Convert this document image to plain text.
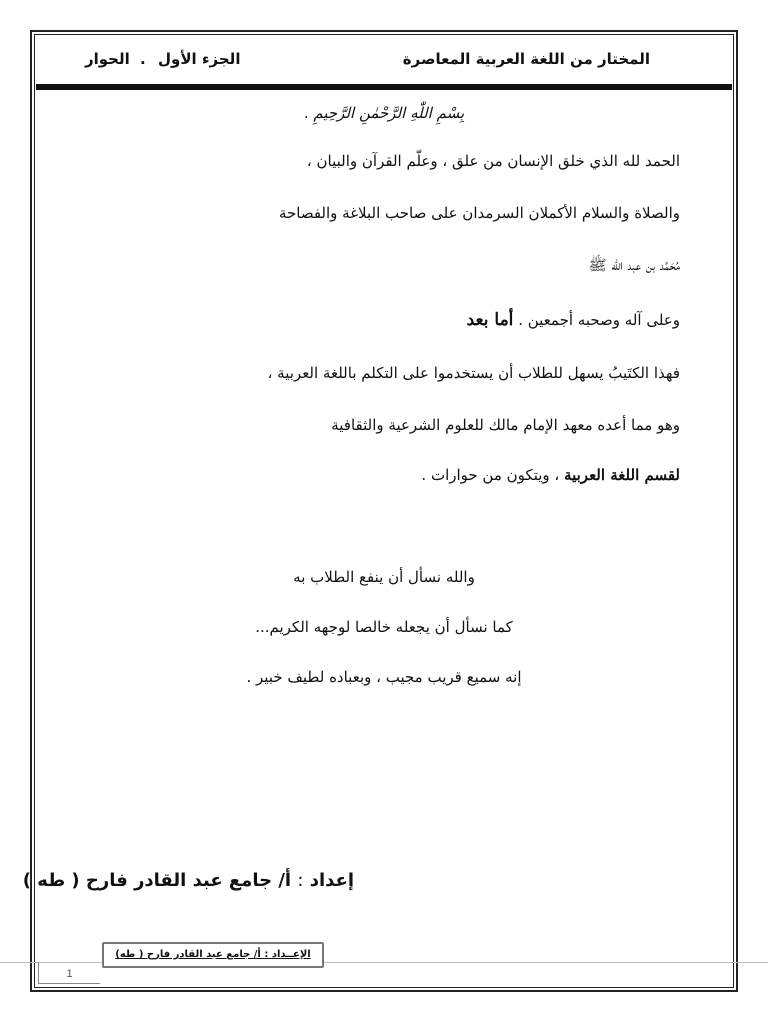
المختار من اللغة العربية المعاصرة
الجزء الأول
.
الحوار
بِسْمِ اللّٰهِ الرَّحْمٰنِ الرَّحِيمِ .
الحمد لله الذي خلق الإنسان من علق ، وعلّم القرآن والبيان ،
والصلاة والسلام الأكملان السرمدان على صاحب البلاغة والفصاحة
مُحَمَّد بن عبد الله ﷺ
وعلى آله وصحبه أجمعين . أما بعد
فهذا الكتَيبُ يسهل للطلاب أن يستخدموا على التكلم باللغة العربية ،
وهو مما أعده معهد الإمام مالك للعلوم الشرعية والثقافية
لقسم اللغة العربية ، ويتكون من حوارات .
والله نسأل أن ينفع الطلاب به
كما نسأل أن يجعله خالصا لوجهه الكريم...
إنه سميع قريب مجيب ، وبعباده لطيف خبير .
إعداد : أ/ جامع عبد القادر فارح ( طه )
1
الإعــداد : أ/ جامع عبد القادر فارح ( طه)
